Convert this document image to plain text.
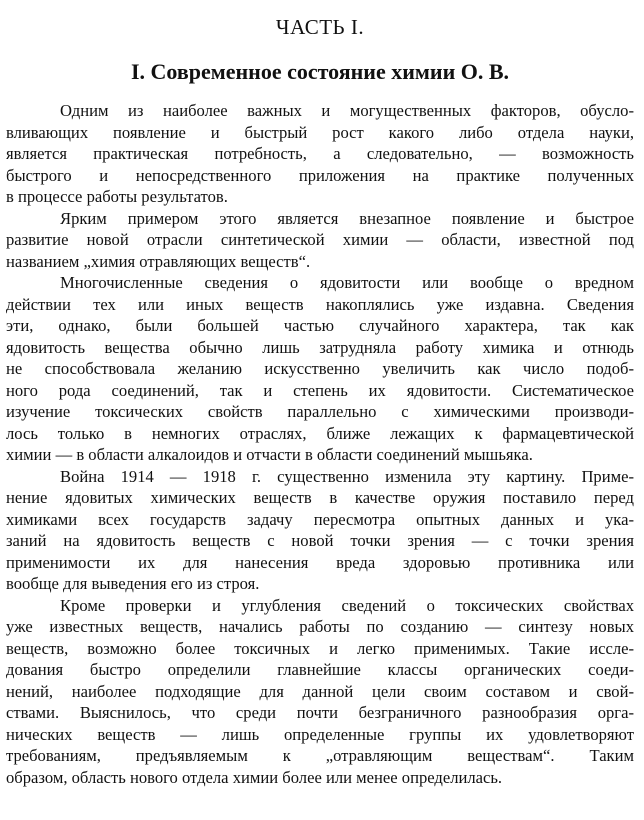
ЧАСТЬ I.
I. Современное состояние химии О. В.

Одним из наиболее важных и могущественных факторов, обусло-
вливающих появление и быстрый рост какого либо отдела науки,
является практическая потребность, а следовательно, — возможность
быстрого и непосредственного приложения на практике полученных
в процессе работы результатов.

Ярким примером этого является внезапное появление и быстрое
развитие новой отрасли синтетической химии — области, известной под
названием „химия отравляющих веществ“.

Многочисленные сведения о ядовитости или вообще о вредном
действии тех или иных веществ накоплялись уже издавна. Сведения
эти, однако, были большей частью случайного характера, так как
ядовитость вещества обычно лишь затрудняла работу химика и отнюдь
не способствовала желанию искусственно увеличить как число подоб-
ного рода соединений, так и степень их ядовитости. Систематическое
изучение токсических свойств параллельно с химическими производи-
лось только в немногих отраслях, ближе лежащих к фармацевтической
химии — в области алкалоидов и отчасти в области соединений мышьяка.

Война 1914 — 1918 г. существенно изменила эту картину. Приме-
нение ядовитых химических веществ в качестве оружия поставило перед
химиками всех государств задачу пересмотра опытных данных и ука-
заний на ядовитость веществ с новой точки зрения — с точки зрения
применимости их для нанесения вреда здоровью противника или
вообще для выведения его из строя.

Кроме проверки и углубления сведений о токсических свойствах
уже известных веществ, начались работы по созданию — синтезу новых
веществ, возможно более токсичных и легко применимых. Такие иссле-
дования быстро определили главнейшие классы органических соеди-
нений, наиболее подходящие для данной цели своим составом и свой-
ствами. Выяснилось, что среди почти безграничного разнообразия орга-
нических веществ — лишь определенные группы их удовлетворяют
требованиям, предъявляемым к „отравляющим веществам“. Таким
образом, область нового отдела химии более или менее определилась.
